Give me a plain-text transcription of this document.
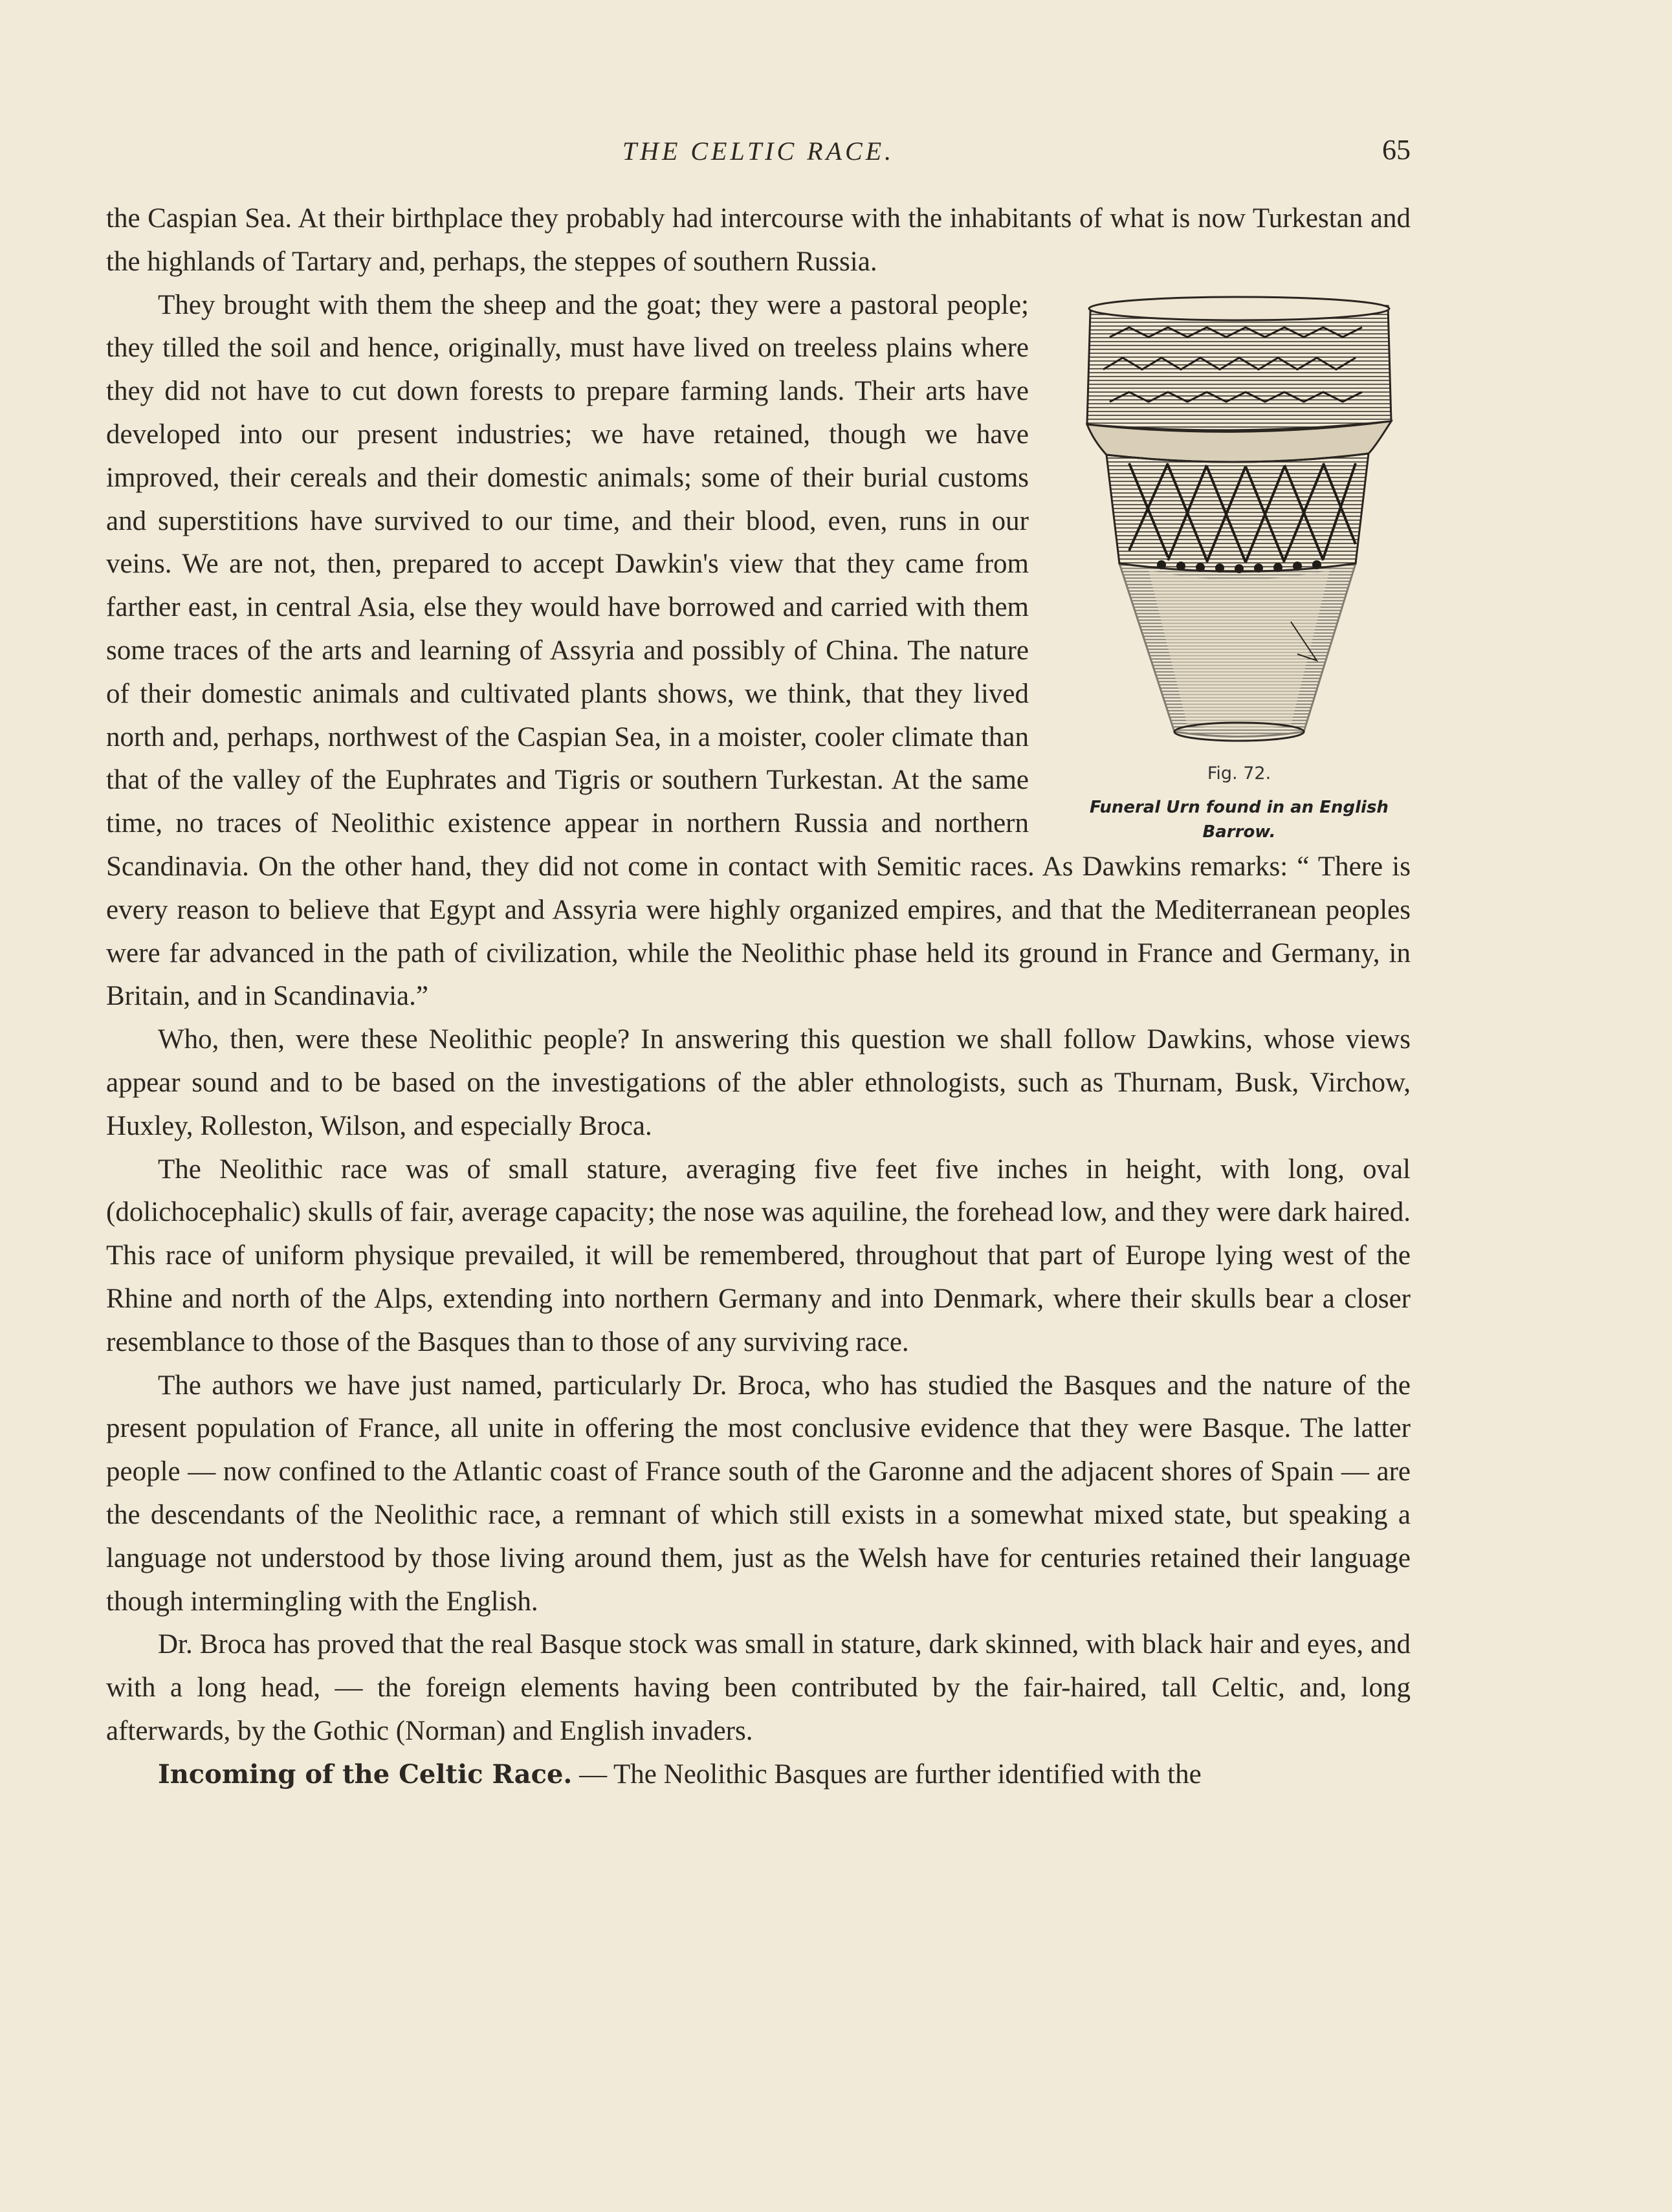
THE CELTIC RACE.	65

the Caspian Sea. At their birthplace they probably had intercourse with the inhabitants of what is now Turkestan and the highlands of Tartary and, perhaps, the steppes of southern Russia.

Fig. 72.
Funeral Urn found in an English Barrow.

They brought with them the sheep and the goat; they were a pastoral people; they tilled the soil and hence, originally, must have lived on treeless plains where they did not have to cut down forests to prepare farming lands. Their arts have developed into our present industries; we have retained, though we have improved, their cereals and their domestic animals; some of their burial customs and superstitions have survived to our time, and their blood, even, runs in our veins. We are not, then, prepared to accept Dawkin's view that they came from farther east, in central Asia, else they would have borrowed and carried with them some traces of the arts and learning of Assyria and possibly of China. The nature of their domestic animals and cultivated plants shows, we think, that they lived north and, perhaps, northwest of the Caspian Sea, in a moister, cooler climate than that of the valley of the Euphrates and Tigris or southern Turkestan. At the same time, no traces of Neolithic existence appear in northern Russia and northern Scandinavia. On the other hand, they did not come in contact with Semitic races. As Dawkins remarks: “ There is every reason to believe that Egypt and Assyria were highly organized empires, and that the Mediterranean peoples were far advanced in the path of civilization, while the Neolithic phase held its ground in France and Germany, in Britain, and in Scandinavia.”

Who, then, were these Neolithic people? In answering this question we shall follow Dawkins, whose views appear sound and to be based on the investigations of the abler ethnologists, such as Thurnam, Busk, Virchow, Huxley, Rolleston, Wilson, and especially Broca.

The Neolithic race was of small stature, averaging five feet five inches in height, with long, oval (dolichocephalic) skulls of fair, average capacity; the nose was aquiline, the forehead low, and they were dark haired. This race of uniform physique prevailed, it will be remembered, throughout that part of Europe lying west of the Rhine and north of the Alps, extending into northern Germany and into Denmark, where their skulls bear a closer resemblance to those of the Basques than to those of any surviving race.

The authors we have just named, particularly Dr. Broca, who has studied the Basques and the nature of the present population of France, all unite in offering the most conclusive evidence that they were Basque. The latter people — now confined to the Atlantic coast of France south of the Garonne and the adjacent shores of Spain — are the descendants of the Neolithic race, a remnant of which still exists in a somewhat mixed state, but speaking a language not understood by those living around them, just as the Welsh have for centuries retained their language though intermingling with the English.

Dr. Broca has proved that the real Basque stock was small in stature, dark skinned, with black hair and eyes, and with a long head, — the foreign elements having been contributed by the fair-haired, tall Celtic, and, long afterwards, by the Gothic (Norman) and English invaders.

Incoming of the Celtic Race. — The Neolithic Basques are further identified with the
